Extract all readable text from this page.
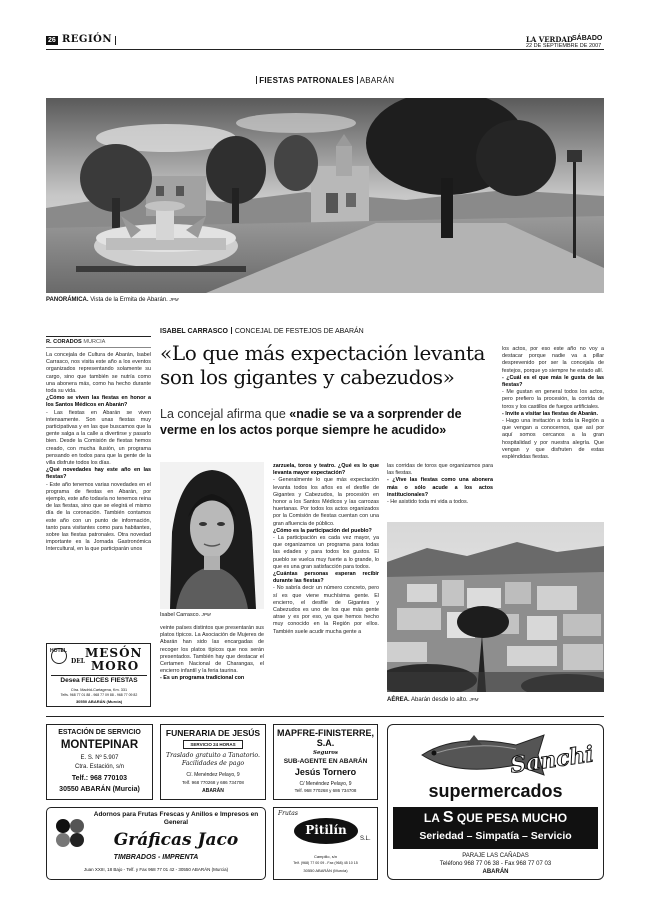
26 REGIÓN	LA VERDAD SÁBADO
22 DE SEPTIEMBRE DE 2007
FIESTAS PATRONALES ABARÁN
PANORÁMICA. Vista de la Ermita de Abarán. JPM
R. CORADOS MURCIA

La concejala de Cultura de Abarán, Isabel Carrasco, nos visita este año a los eventos organizados representando solamente su cargo, sino que también se nutría como una abonera más, como ha hecho durante toda su vida.

¿Cómo se viven las fiestas en honor a los Santos Médicos en Abarán?

- Las fiestas en Abarán se viven intensamente. Son unas fiestas muy participativas y en las que buscamos que la gente salga a la calle a divertirse y pasarlo bien. Desde la Comisión de fiestas hemos creado, con mucha ilusión, un programa pensando en todos para que la gente de la villa disfrute todos los días.

¿Qué novedades hay este año en las fiestas?

- Este año tenemos varias novedades en el programa de fiestas en Abarán, por ejemplo, este año todavía no tenemos reina de las fiestas, sino que se elegirá el mismo día de la coronación. También contamos este año con un punto de información, tanto para visitantes como para habitantes, sobre las fiestas patronales. Otra novedad importante es la Jornada Gastronómica Intercultural, en la que participarán unos

HOTEL MESÓN
DEL MORO
Desea FELICES FIESTAS
Ctra. Madrid-Cartagena, Km. 331
Telfs. 968 77 01 88 - 968 77 09 88 - 968 77 09 82
30550 ABARÁN (Murcia)
ISABEL CARRASCO CONCEJAL DE FESTEJOS DE ABARÁN
«Lo que más expectación levanta son los gigantes y cabezudos»
La concejal afirma que «nadie se va a sorprender de verme en los actos porque siempre he acudido»
Isabel Carrasco. JPM

veinte países distintos que presentarán sus platos típicos. La Asociación de Mujeres de Abarán han sido las encargadas de recoger los platos típicos que nos serán presentados. También hay que destacar el Certamen Nacional de Charangas, el encierro infantil y la feria taurina.

- Es un programa tradicional con

zarzuela, toros y teatro. ¿Qué es lo que levanta mayor expectación?

- Generalmente lo que más expectación levanta todos los años es el desfile de Gigantes y Cabezudos, la procesión en honor a los Santos Médicos y las carrozas huertanas. Por todos los actos organizados por la Comisión de fiestas cuentan con una gran afluencia de público.

¿Cómo es la participación del pueblo?

- La participación es cada vez mayor, ya que organizamos un programa para todas las edades y para todos los gustos. El pueblo se vuelca muy fuerte a lo grande, lo que es una gran satisfacción para todos.

¿Cuántas personas esperan recibir durante las fiestas?

- No sabría decir un número concreto, pero sí es que viene muchísima gente. El encierro, el desfile de Gigantes y Cabezudos es uno de los que más gente atrae y es por eso, ya que hemos hecho muy conocido en la Región por ellos. También suele acudir mucha gente a

las corridas de toros que organizamos para las fiestas.

- ¿Vive las fiestas como una abonera más o sólo acude a los actos institucionales?

- He asistido toda mi vida a todos.

los actos, por eso este año no voy a destacar porque nadie va a pillar desprevenido por ser la concejala de festejos, porque yo siempre he estado allí.

- ¿Cuál es el que más le gusta de las fiestas?

- Me gustan en general todos los actos, pero prefiero la procesión, la corrida de toros y los castillos de fuegos artificiales.

- Invite a visitar las fiestas de Abarán.

- Hago una invitación a toda la Región a que vengan a conocernos, que así por aquí somos cercanos a la gran hospitalidad y por nuestra alegría. Que vengan y que disfruten de estas espléndidas fiestas.

AÉREA. Abarán desde lo alto. JPM
ESTACIÓN DE SERVICIO
MONTEPINAR
E. S. Nº 5.907
Ctra. Estación, s/n
Telf.: 968 770103
30550 ABARÁN (Murcia)
FUNERARIA DE JESÚS
SERVICIO 24 HORAS
Traslado gratuito a Tanatorio.
Facilidades de pago
C/. Menéndez Pelayo, 9
Telf. 968 770268 y 686 734708
ABARÁN
MAPFRE-FINISTERRE, S.A.
Seguros
SUB-AGENTE EN ABARÁN
Jesús Tornero
C/ Menéndez Pelayo, 9
Telf. 968 770268 y 686 734708
Sanchi
supermercados
LA S QUE PESA MUCHO
Seriedad – Simpatía – Servicio
PARAJE LAS CAÑADAS
Teléfono 968 77 06 38 - Fax 968 77 07 03
ABARÁN
Adornos para Frutas Frescas y Anillos e Impresos en General
Gráficas Jaco
TIMBRADOS - IMPRENTA
Juan XXIII, 18 Bajo - Telf. y Fax 968 77 01 42 - 30550 ABARÁN (Murcia)
Frutas
Pitilín
S.L.
Campillo, s/n
Telf. (968) 77 00 09 - Fax (968) 45 10 15
30550 ABARÁN (Murcia)
